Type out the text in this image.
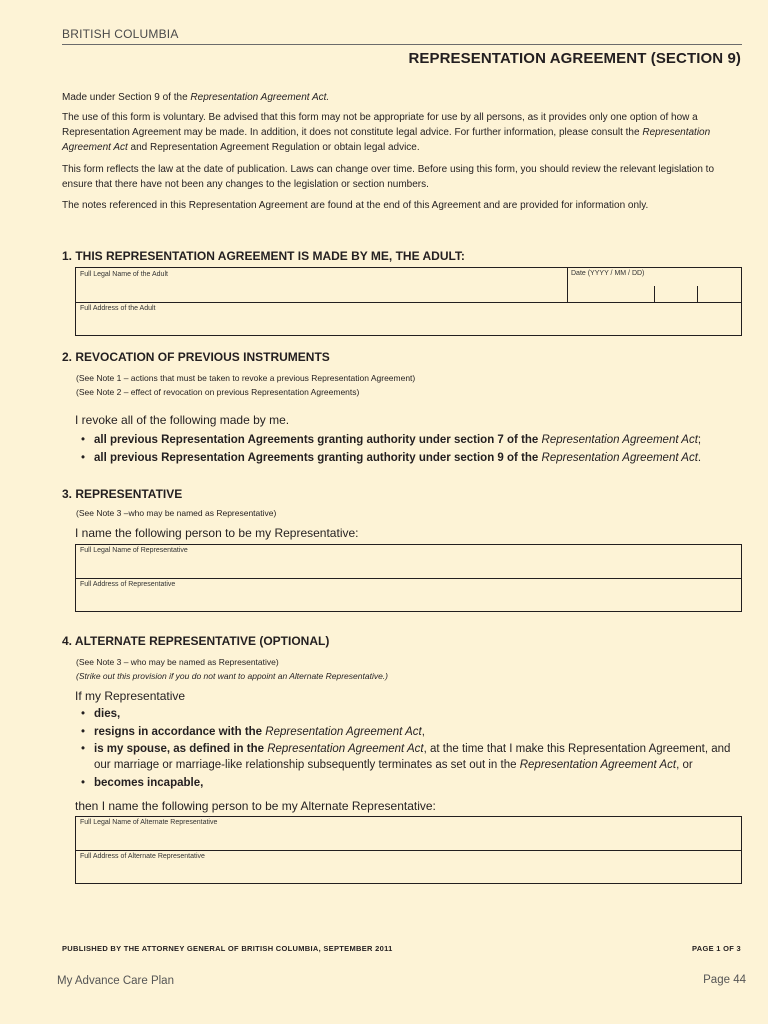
BRITISH COLUMBIA
REPRESENTATION AGREEMENT (SECTION 9)
Made under Section 9 of the Representation Agreement Act.
The use of this form is voluntary. Be advised that this form may not be appropriate for use by all persons, as it provides only one option of how a Representation Agreement may be made. In addition, it does not constitute legal advice. For further information, please consult the Representation Agreement Act and Representation Agreement Regulation or obtain legal advice.
This form reflects the law at the date of publication. Laws can change over time. Before using this form, you should review the relevant legislation to ensure that there have not been any changes to the legislation or section numbers.
The notes referenced in this Representation Agreement are found at the end of this Agreement and are provided for information only.
1. THIS REPRESENTATION AGREEMENT IS MADE BY ME, THE ADULT:
Full Legal Name of the Adult	Date (YYYY / MM / DD)
Full Address of the Adult
2. REVOCATION OF PREVIOUS INSTRUMENTS
(See Note 1 – actions that must be taken to revoke a previous Representation Agreement)
(See Note 2 – effect of revocation on previous Representation Agreements)
I revoke all of the following made by me.
• all previous Representation Agreements granting authority under section 7 of the Representation Agreement Act;
• all previous Representation Agreements granting authority under section 9 of the Representation Agreement Act.
3. REPRESENTATIVE
(See Note 3 –who may be named as Representative)
I name the following person to be my Representative:
Full Legal Name of Representative
Full Address of Representative
4. ALTERNATE REPRESENTATIVE (OPTIONAL)
(See Note 3 – who may be named as Representative)
(Strike out this provision if you do not want to appoint an Alternate Representative.)
If my Representative
• dies,
• resigns in accordance with the Representation Agreement Act,
• is my spouse, as defined in the Representation Agreement Act, at the time that I make this Representation Agreement, and our marriage or marriage-like relationship subsequently terminates as set out in the Representation Agreement Act, or
• becomes incapable,
then I name the following person to be my Alternate Representative:
Full Legal Name of Alternate Representative
Full Address of Alternate Representative
PUBLISHED BY THE ATTORNEY GENERAL OF BRITISH COLUMBIA, SEPTEMBER 2011	PAGE 1 OF 3
My Advance Care Plan	Page 44
